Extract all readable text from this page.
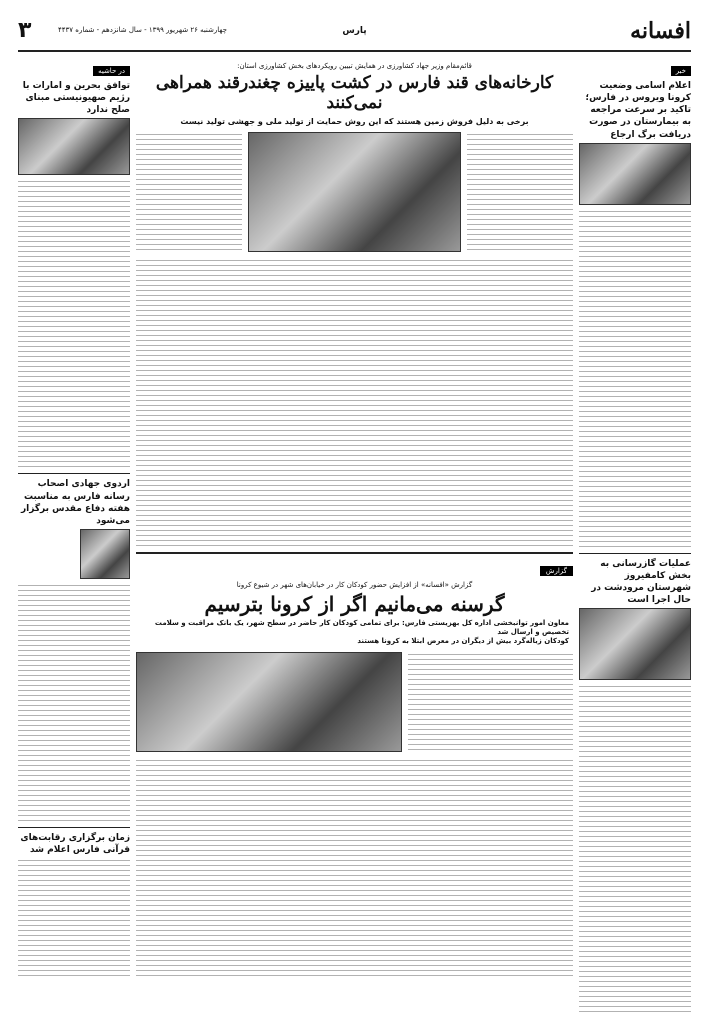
افسانه
پارس
چهارشنبه ۲۶ شهریور ۱۳۹۹ - سال شانزدهم - شماره ۴۴۳۷
۳
خبر
اعلام اسامی وضعیت کرونا ویروس در فارس؛ تاکید بر سرعت مراجعه به بیمارستان در صورت دریافت برگ ارجاع
عملیات گازرسانی به بخش کامفیروز شهرستان مرودشت در حال اجرا است
در حاشیه
توافق بحرین و امارات با رژیم صهیونیستی مبنای صلح ندارد
اردوی جهادی اصحاب رسانه فارس به مناسبت هفته دفاع مقدس برگزار می‌شود
زمان برگزاری رقابت‌های قرآنی فارس اعلام شد
قائم‌مقام وزیر جهاد کشاورزی در همایش تبیین رویکردهای بخش کشاورزی استان:
کارخانه‌های قند فارس در کشت پاییزه چغندرقند همراهی نمی‌کنند
برخی به دلیل فروش زمین هستند که این روش حمایت از تولید ملی و جهشی تولید نیست
گزارش
گزارش «افسانه» از افزایش حضور کودکان کار در خیابان‌های شهر در شیوع کرونا
گرسنه می‌مانیم اگر از کرونا بترسیم
معاون امور توانبخشی اداره کل بهزیستی فارس: برای تمامی کودکان کار حاضر در سطح شهر، یک بانک مراقبت و سلامت تخصیص و ارسال شد
کودکان زباله‌گرد بیش از دیگران در معرض ابتلا به کرونا هستند
